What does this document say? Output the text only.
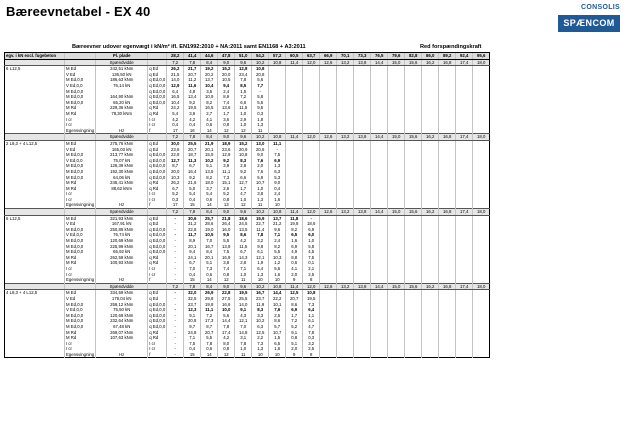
Bæreevnetabel - EX 40	CONSOLIS
SPÆNCOM
Bæreevner udover egenvægt i kN/m² ifl. EN1992:2010 + NA:2011 samt EN1168 + A3:2011	Red forspændingskraft
egv. i kN excl. fugebeton		Pl. plade		28,2	41,4	44,6	47,8	51,0	54,2	57,2	60,5	63,7	66,9	70,1	73,3	76,5	79,6	82,8	86,0	89,2	92,4	95,6
		Spændvidde		7,2	7,8	8,4	9,0	9,6	10,2	10,8	11,4	12,0	12,6	13,2	13,8	14,4	15,0	15,6	16,2	16,8	17,4	18,0
6 L12,5	M Ed	242,51 kNm	q Ed	26,2	21,7	19,2	15,2	12,8	10,8													
	V Ed	136,50 kN	q Ed	21,5	20,7	20,2	20,0	23,4	20,8													
	M Ed,0,0	186,63 kNm	q Ed,0,0	14,0	11,2	13,7	10,5	7,8	5,6													
	V Ed,0,0	76,14 kN	q Ed,0,0	12,9	11,6	10,4	9,4	8,5	7,7													
	M Ed,0,0		q Ed,0,0	6,4	4,8	3,5	2,4	1,5	-													
	M Ed,0,0	164,90 kNm	q Ed,0,0	16,5	13,4	10,9	8,9	7,2	5,8													
	M Ed,0,0	65,20 kN	q Ed,0,0	10,4	9,2	8,2	7,4	6,6	5,5													
	M Rd	229,36 kNm	q Rd	24,2	19,5	16,5	13,6	11,5	9,5													
	M Rd	78,30 kNm	q Rd	5,4	3,9	2,7	1,7	1,0	0,3													
	I cr		I cr	4,2	4,2	4,1	3,6	2,9	1,8													
	I cr		I cr	0,4	0,4	0,6	0,8	1,0	1,3													
	Egensvingning	Hz	f	17	16	14	12	12	11													
		Spændvidde		7,2	7,8	8,4	9,0	9,6	10,2	10,8	11,4	12,0	12,6	13,2	13,8	14,4	15,0	15,6	16,2	16,8	17,4	18,0
2 L9,3 + 4 L12,5	M Ed	275,76 kNm	q Ed	30,0	25,5	21,9	18,9	15,2	13,0	11,1												
	V Ed	165,03 kN	q Ed	23,6	20,7	20,1	23,6	20,9	20,6	-												
	M Ed,0,0	213,77 kNm	q Ed,0,0	22,8	18,7	15,5	12,9	10,8	9,0	7,5												
	V Ed,0,0	75,07 kN	q Ed,0,0	12,7	11,3	10,2	9,2	8,3	7,6	6,9												
	M Ed,0,0	126,39 kNm	q Ed,0,0	8,7	6,7	5,1	3,9	2,8	2,0	1,3												
	M Ed,0,0	192,30 kNm	q Ed,0,0	20,0	16,4	13,5	11,1	9,2	7,6	6,3												
	M Ed,0,0	64,06 kN	q Ed,0,0	10,3	9,2	8,2	7,3	6,6	5,9	5,3												
	M Rd	246,41 kNm	q Rd	26,2	21,6	18,0	15,1	12,7	10,7	9,0												
	M Rd	88,62 kNm	q Rd	6,7	5,0	3,7	2,6	1,7	1,0	0,4												
	I cr		I cr	5,2	5,4	5,4	5,2	4,7	3,8	2,4												
	I cr		I cr	0,3	0,4	0,6	0,8	1,0	1,3	1,6												
	Egensvingning	Hz	f	17	15	14	13	12	11	10												
		Spændvidde		7,2	7,8	8,4	9,0	9,6	10,2	10,8	11,4	12,0	12,6	13,2	13,8	14,4	15,0	15,6	16,2	16,8	17,4	18,0
6 L12,5	M Ed	321,93 kNm	q Ed	-	30,6	25,7	21,8	18,6	15,9	13,7	11,8	-										
	V Ed	167,91 kN	q Ed	-	31,2	28,6	26,4	24,5	22,7	21,2	19,8	18,6										
	M Ed,0,0	250,85 kNm	q Ed,0,0	-	22,8	19,0	16,0	13,5	11,4	9,6	8,2	6,9										
	V Ed,0,0	76,74 kN	q Ed,0,0	-	11,7	10,5	9,5	8,6	7,8	7,1	6,5	6,0										
	M Ed,0,0	120,69 kNm	q Ed,0,0	-	8,9	7,0	5,5	4,2	3,2	2,4	1,6	1,0										
	M Ed,0,0	225,99 kNm	q Ed,0,0	-	20,1	16,7	13,9	11,5	9,8	8,2	6,9	5,8										
	M Ed,0,0	65,92 kN	q Ed,0,0	-	9,4	8,4	7,5	6,7	6,1	5,5	4,9	4,5										
	M Rd	262,59 kNm	q Rd	-	24,1	20,1	16,9	14,3	12,1	10,3	8,8	7,5										
	M Rd	100,93 kNm	q Rd	-	6,7	5,1	3,8	2,8	1,9	1,2	0,6	0,1										
	I cr		I cr	-	7,0	7,3	7,4	7,1	6,4	5,6	4,1	2,1										
	I cr		I cr	-	0,4	0,6	0,8	1,0	1,3	1,6	2,0	2,5										
	Egensvingning	Hz	f	-	15	14	12	11	10	10	9	8										
		Spændvidde		7,2	7,8	8,4	9,0	9,6	10,2	10,8	11,4	12,0	12,6	13,2	13,8	14,4	15,0	15,6	16,2	16,8	17,4	18,0
4 L9,3 + 4 L12,5	M Ed	334,59 kNm	q Ed	-	32,0	26,9	22,8	19,5	16,7	14,4	12,5	10,8										
	V Ed	179,04 kN	q Ed	-	32,5	29,8	27,5	25,5	23,7	22,2	20,7	19,5										
	M Ed,0,0	259,12 kNm	q Ed,0,0	-	23,7	19,8	16,6	14,0	11,9	10,1	8,6	7,3										
	V Ed,0,0	75,50 kN	q Ed,0,0	-	12,3	11,1	10,0	9,1	8,3	7,6	6,9	6,4										
	M Ed,0,0	120,69 kNm	q Ed,0,0	-	9,1	7,2	5,6	4,3	3,3	2,5	1,7	1,1										
	M Ed,0,0	232,64 kNm	q Ed,0,0	-	20,8	17,3	14,4	12,1	10,2	8,6	7,2	6,1										
	M Ed,0,0	67,48 kN	q Ed,0,0	-	9,7	8,7	7,8	7,0	6,3	5,7	5,2	4,7										
	M Rd	269,07 kNm	q Rd	-	24,8	20,7	17,4	14,8	12,5	10,7	9,1	7,8										
	M Rd	107,63 kNm	q Rd	-	7,1	5,5	4,2	3,1	2,2	1,5	0,8	0,3										
	I cr		I cr	-	7,5	7,8	8,0	7,8	7,3	6,5	5,1	3,2										
	I cr		I cr	-	0,4	0,6	0,8	1,0	1,3	1,6	2,0	2,5										
	Egensvingning	Hz	f	-	15	14	12	11	10	10	9	8										
